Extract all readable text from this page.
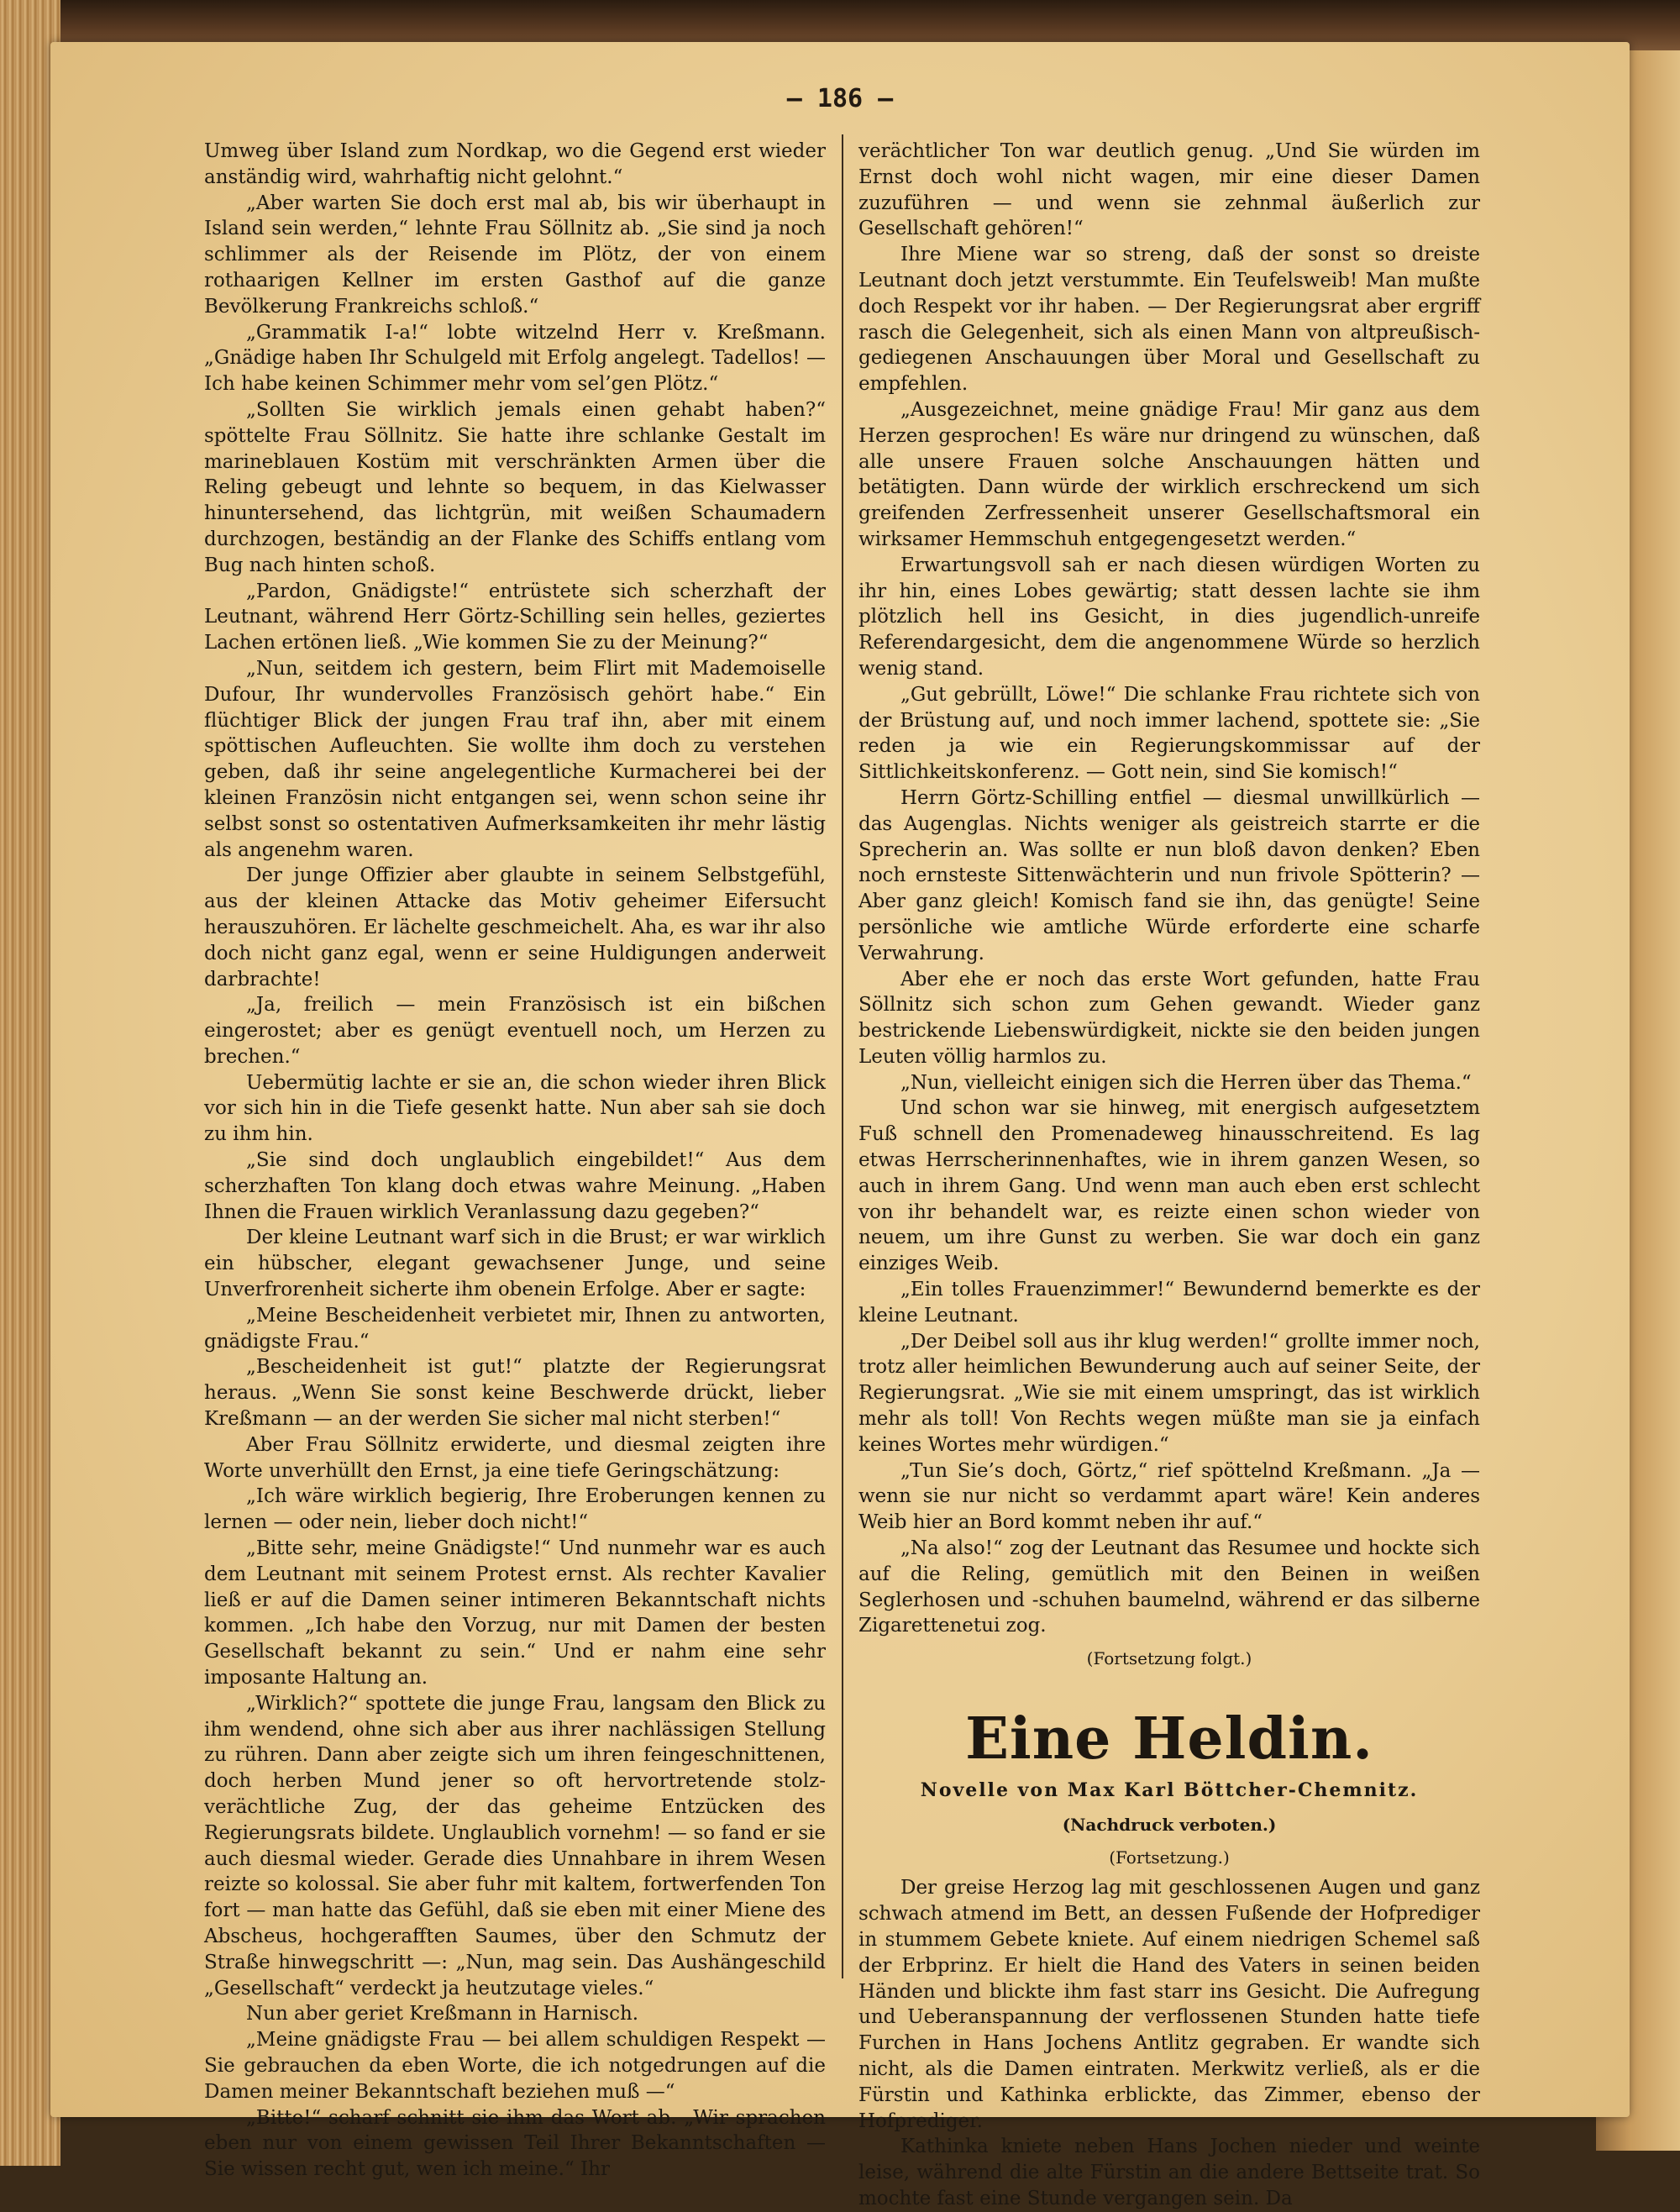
— 186 —

Umweg über Island zum Nordkap, wo die Gegend erst wieder anständig wird, wahrhaftig nicht gelohnt.“

„Aber warten Sie doch erst mal ab, bis wir überhaupt in Island sein werden,“ lehnte Frau Söllnitz ab. „Sie sind ja noch schlimmer als der Reisende im Plötz, der von einem rothaarigen Kellner im ersten Gasthof auf die ganze Bevölkerung Frankreichs schloß.“

„Grammatik I-a!“ lobte witzelnd Herr v. Kreßmann. „Gnädige haben Ihr Schulgeld mit Erfolg angelegt. Tadellos! — Ich habe keinen Schimmer mehr vom sel’gen Plötz.“

„Sollten Sie wirklich jemals einen gehabt haben?“ spöttelte Frau Söllnitz. Sie hatte ihre schlanke Gestalt im marineblauen Kostüm mit verschränkten Armen über die Reling gebeugt und lehnte so bequem, in das Kielwasser hinuntersehend, das lichtgrün, mit weißen Schaumadern durchzogen, beständig an der Flanke des Schiffs entlang vom Bug nach hinten schoß.

„Pardon, Gnädigste!“ entrüstete sich scherzhaft der Leutnant, während Herr Görtz-Schilling sein helles, geziertes Lachen ertönen ließ. „Wie kommen Sie zu der Meinung?“

„Nun, seitdem ich gestern, beim Flirt mit Mademoiselle Dufour, Ihr wundervolles Französisch gehört habe.“ Ein flüchtiger Blick der jungen Frau traf ihn, aber mit einem spöttischen Aufleuchten. Sie wollte ihm doch zu verstehen geben, daß ihr seine angelegentliche Kurmacherei bei der kleinen Französin nicht entgangen sei, wenn schon seine ihr selbst sonst so ostentativen Aufmerksamkeiten ihr mehr lästig als angenehm waren.

Der junge Offizier aber glaubte in seinem Selbstgefühl, aus der kleinen Attacke das Motiv geheimer Eifersucht herauszuhören. Er lächelte geschmeichelt. Aha, es war ihr also doch nicht ganz egal, wenn er seine Huldigungen anderweit darbrachte!

„Ja, freilich — mein Französisch ist ein bißchen eingerostet; aber es genügt eventuell noch, um Herzen zu brechen.“

Uebermütig lachte er sie an, die schon wieder ihren Blick vor sich hin in die Tiefe gesenkt hatte. Nun aber sah sie doch zu ihm hin.

„Sie sind doch unglaublich eingebildet!“ Aus dem scherzhaften Ton klang doch etwas wahre Meinung. „Haben Ihnen die Frauen wirklich Veranlassung dazu gegeben?“

Der kleine Leutnant warf sich in die Brust; er war wirklich ein hübscher, elegant gewachsener Junge, und seine Unverfrorenheit sicherte ihm obenein Erfolge. Aber er sagte:

„Meine Bescheidenheit verbietet mir, Ihnen zu antworten, gnädigste Frau.“

„Bescheidenheit ist gut!“ platzte der Regierungsrat heraus. „Wenn Sie sonst keine Beschwerde drückt, lieber Kreßmann — an der werden Sie sicher mal nicht sterben!“

Aber Frau Söllnitz erwiderte, und diesmal zeigten ihre Worte unverhüllt den Ernst, ja eine tiefe Geringschätzung:

„Ich wäre wirklich begierig, Ihre Eroberungen kennen zu lernen — oder nein, lieber doch nicht!“

„Bitte sehr, meine Gnädigste!“ Und nunmehr war es auch dem Leutnant mit seinem Protest ernst. Als rechter Kavalier ließ er auf die Damen seiner intimeren Bekanntschaft nichts kommen. „Ich habe den Vorzug, nur mit Damen der besten Gesellschaft bekannt zu sein.“ Und er nahm eine sehr imposante Haltung an.

„Wirklich?“ spottete die junge Frau, langsam den Blick zu ihm wendend, ohne sich aber aus ihrer nachlässigen Stellung zu rühren. Dann aber zeigte sich um ihren feingeschnittenen, doch herben Mund jener so oft hervortretende stolz-verächtliche Zug, der das geheime Entzücken des Regierungsrats bildete. Unglaublich vornehm! — so fand er sie auch diesmal wieder. Gerade dies Unnahbare in ihrem Wesen reizte so kolossal. Sie aber fuhr mit kaltem, fortwerfenden Ton fort — man hatte das Gefühl, daß sie eben mit einer Miene des Abscheus, hochgerafften Saumes, über den Schmutz der Straße hinwegschritt —: „Nun, mag sein. Das Aushängeschild „Gesellschaft“ verdeckt ja heutzutage vieles.“

Nun aber geriet Kreßmann in Harnisch.

„Meine gnädigste Frau — bei allem schuldigen Respekt — Sie gebrauchen da eben Worte, die ich notgedrungen auf die Damen meiner Bekanntschaft beziehen muß —“

„Bitte!“ scharf schnitt sie ihm das Wort ab. „Wir sprachen eben nur von einem gewissen Teil Ihrer Bekanntschaften — Sie wissen recht gut, wen ich meine.“ Ihr

verächtlicher Ton war deutlich genug. „Und Sie würden im Ernst doch wohl nicht wagen, mir eine dieser Damen zuzuführen — und wenn sie zehnmal äußerlich zur Gesellschaft gehören!“

Ihre Miene war so streng, daß der sonst so dreiste Leutnant doch jetzt verstummte. Ein Teufelsweib! Man mußte doch Respekt vor ihr haben. — Der Regierungsrat aber ergriff rasch die Gelegenheit, sich als einen Mann von altpreußisch-gediegenen Anschauungen über Moral und Gesellschaft zu empfehlen.

„Ausgezeichnet, meine gnädige Frau! Mir ganz aus dem Herzen gesprochen! Es wäre nur dringend zu wünschen, daß alle unsere Frauen solche Anschauungen hätten und betätigten. Dann würde der wirklich erschreckend um sich greifenden Zerfressenheit unserer Gesellschaftsmoral ein wirksamer Hemmschuh entgegengesetzt werden.“

Erwartungsvoll sah er nach diesen würdigen Worten zu ihr hin, eines Lobes gewärtig; statt dessen lachte sie ihm plötzlich hell ins Gesicht, in dies jugendlich-unreife Referendargesicht, dem die angenommene Würde so herzlich wenig stand.

„Gut gebrüllt, Löwe!“ Die schlanke Frau richtete sich von der Brüstung auf, und noch immer lachend, spottete sie: „Sie reden ja wie ein Regierungskommissar auf der Sittlichkeitskonferenz. — Gott nein, sind Sie komisch!“

Herrn Görtz-Schilling entfiel — diesmal unwillkürlich — das Augenglas. Nichts weniger als geistreich starrte er die Sprecherin an. Was sollte er nun bloß davon denken? Eben noch ernsteste Sittenwächterin und nun frivole Spötterin? — Aber ganz gleich! Komisch fand sie ihn, das genügte! Seine persönliche wie amtliche Würde erforderte eine scharfe Verwahrung.

Aber ehe er noch das erste Wort gefunden, hatte Frau Söllnitz sich schon zum Gehen gewandt. Wieder ganz bestrickende Liebenswürdigkeit, nickte sie den beiden jungen Leuten völlig harmlos zu.

„Nun, vielleicht einigen sich die Herren über das Thema.“

Und schon war sie hinweg, mit energisch aufgesetztem Fuß schnell den Promenadeweg hinausschreitend. Es lag etwas Herrscherinnenhaftes, wie in ihrem ganzen Wesen, so auch in ihrem Gang. Und wenn man auch eben erst schlecht von ihr behandelt war, es reizte einen schon wieder von neuem, um ihre Gunst zu werben. Sie war doch ein ganz einziges Weib.

„Ein tolles Frauenzimmer!“ Bewundernd bemerkte es der kleine Leutnant.

„Der Deibel soll aus ihr klug werden!“ grollte immer noch, trotz aller heimlichen Bewunderung auch auf seiner Seite, der Regierungsrat. „Wie sie mit einem umspringt, das ist wirklich mehr als toll! Von Rechts wegen müßte man sie ja einfach keines Wortes mehr würdigen.“

„Tun Sie’s doch, Görtz,“ rief spöttelnd Kreßmann. „Ja — wenn sie nur nicht so verdammt apart wäre! Kein anderes Weib hier an Bord kommt neben ihr auf.“

„Na also!“ zog der Leutnant das Resumee und hockte sich auf die Reling, gemütlich mit den Beinen in weißen Seglerhosen und -schuhen baumelnd, während er das silberne Zigarettenetui zog.

(Fortsetzung folgt.)
Eine Heldin.
Novelle von Max Karl Böttcher-Chemnitz.
(Nachdruck verboten.)
(Fortsetzung.)

Der greise Herzog lag mit geschlossenen Augen und ganz schwach atmend im Bett, an dessen Fußende der Hofprediger in stummem Gebete kniete. Auf einem niedrigen Schemel saß der Erbprinz. Er hielt die Hand des Vaters in seinen beiden Händen und blickte ihm fast starr ins Gesicht. Die Aufregung und Ueberanspannung der verflossenen Stunden hatte tiefe Furchen in Hans Jochens Antlitz gegraben. Er wandte sich nicht, als die Damen eintraten. Merkwitz verließ, als er die Fürstin und Kathinka erblickte, das Zimmer, ebenso der Hofprediger.

Kathinka kniete neben Hans Jochen nieder und weinte leise, während die alte Fürstin an die andere Bettseite trat. So mochte fast eine Stunde vergangen sein. Da
